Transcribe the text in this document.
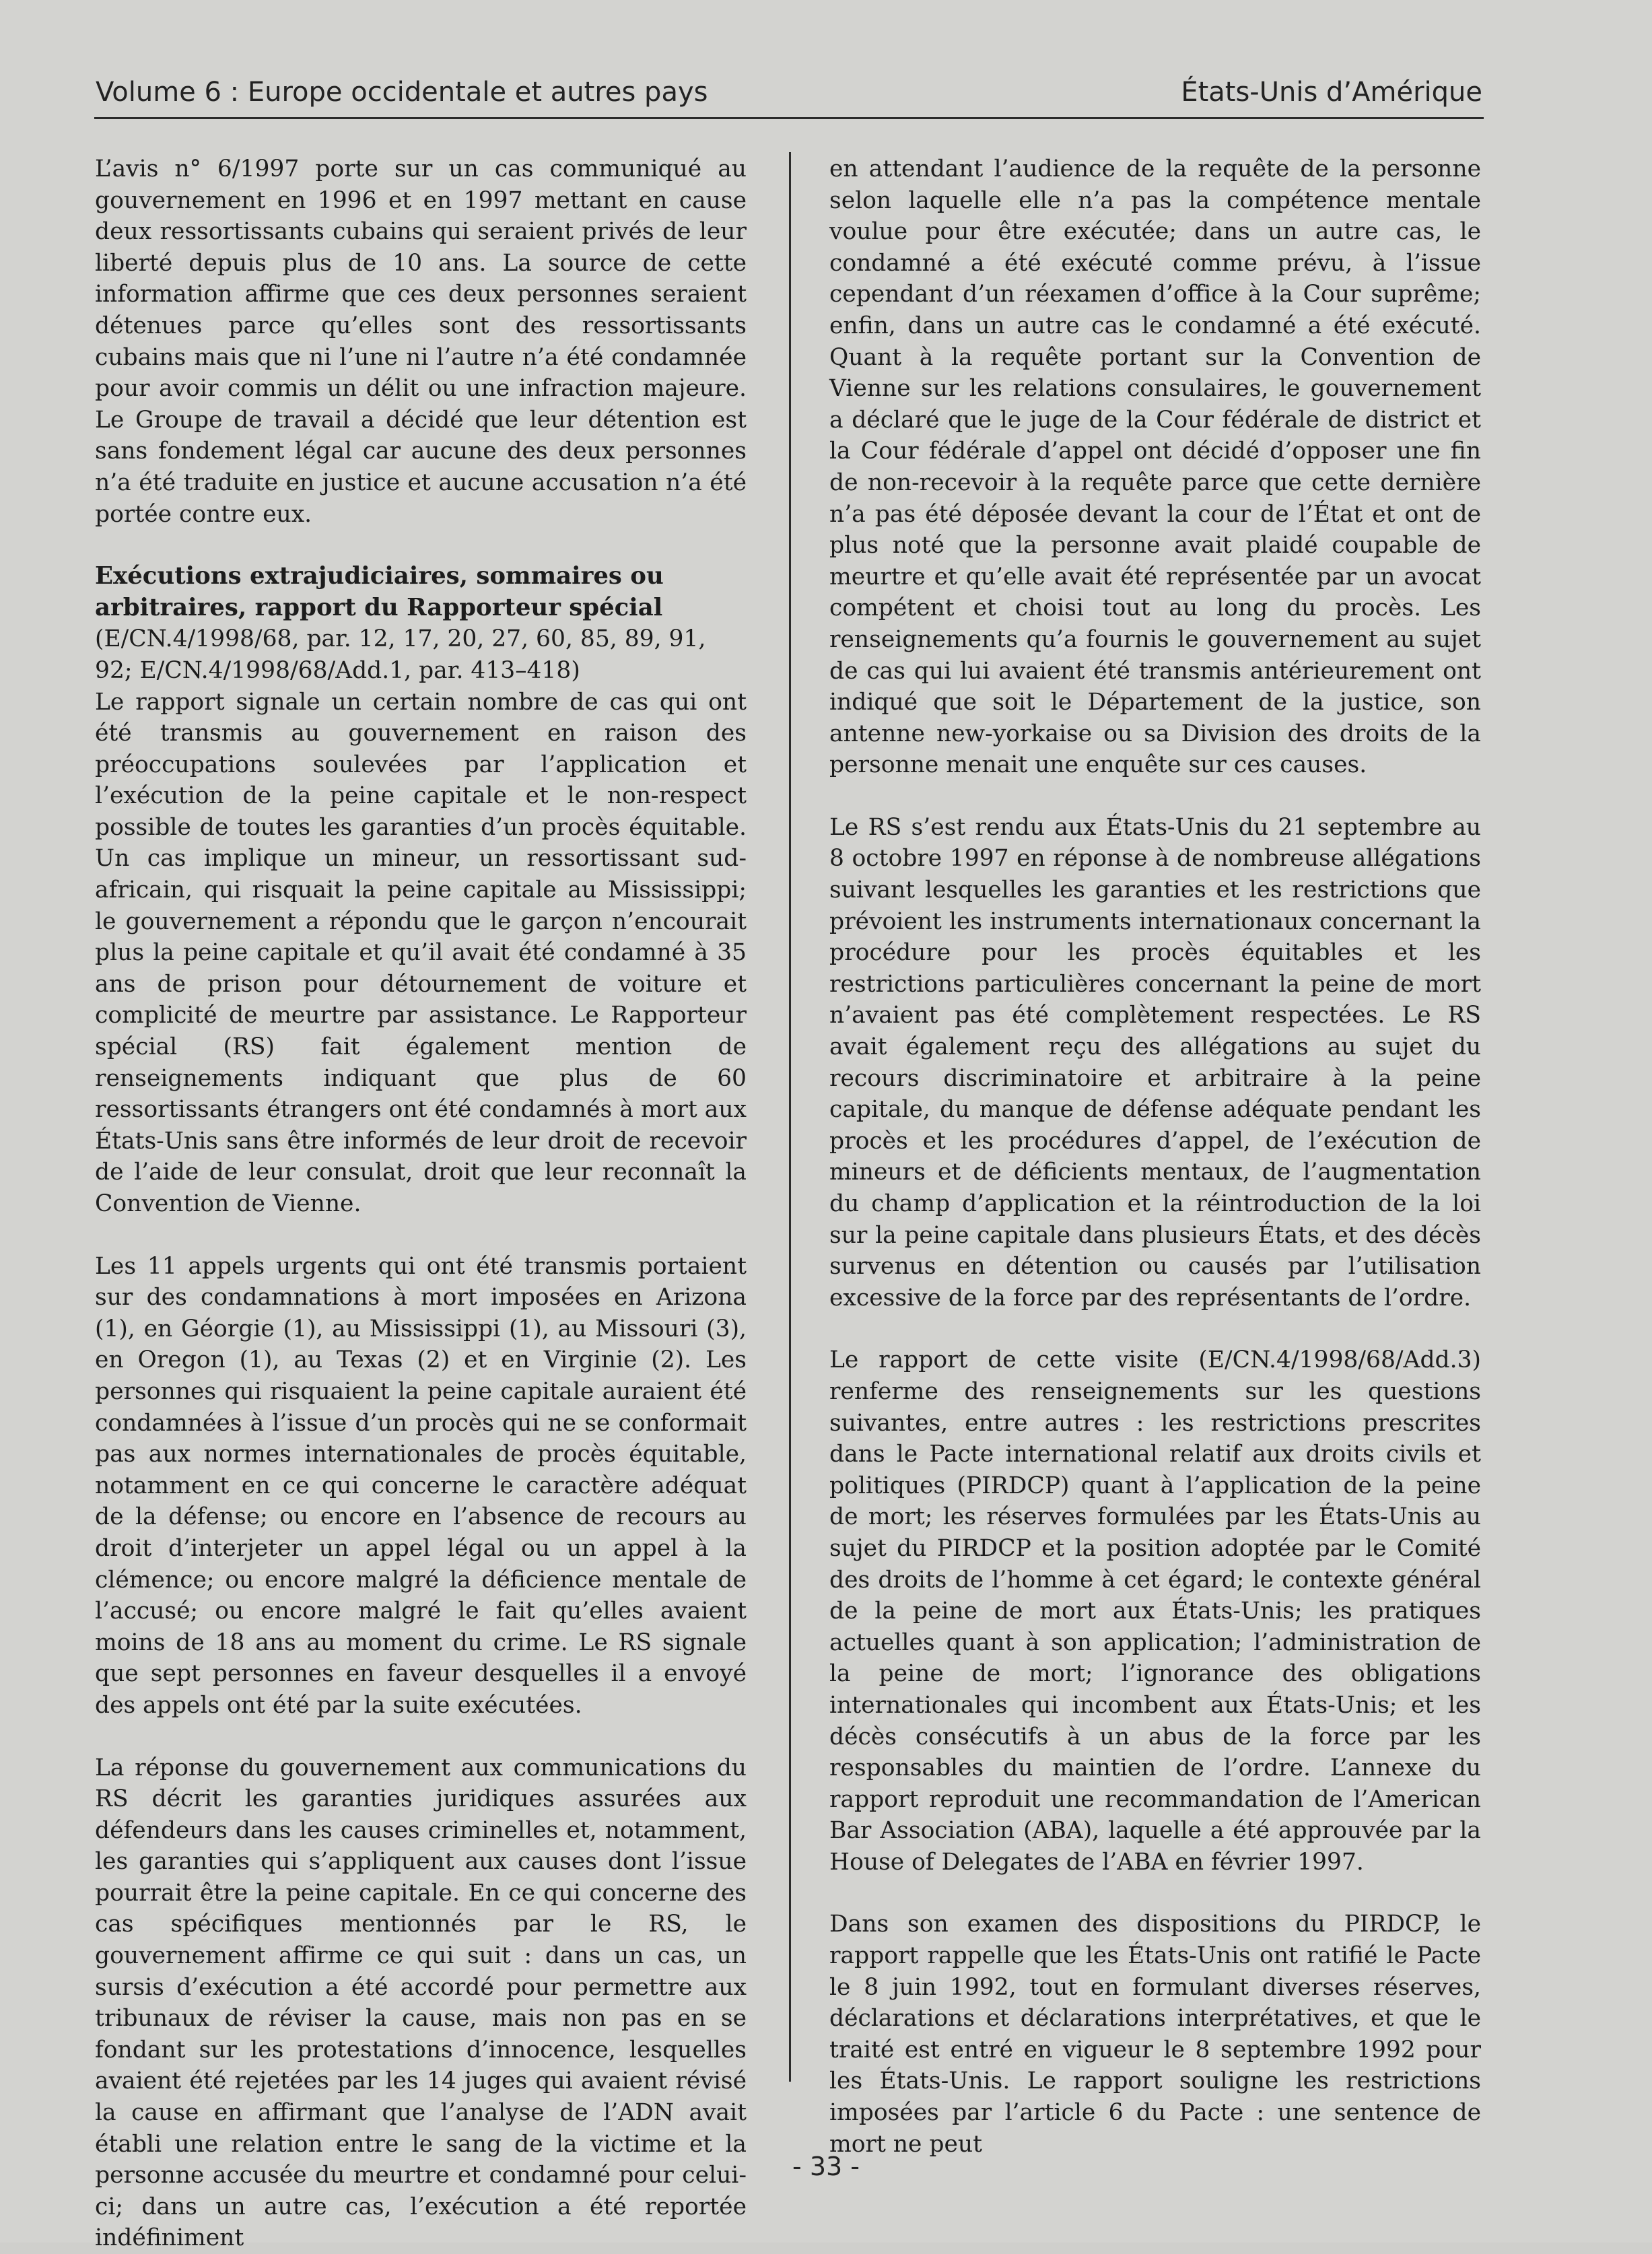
Volume 6 : Europe occidentale et autres pays	États-Unis d’Amérique

L’avis n° 6/1997 porte sur un cas communiqué au gouvernement en 1996 et en 1997 mettant en cause deux ressortissants cubains qui seraient privés de leur liberté depuis plus de 10 ans. La source de cette information affirme que ces deux personnes seraient détenues parce qu’elles sont des ressortissants cubains mais que ni l’une ni l’autre n’a été condamnée pour avoir commis un délit ou une infraction majeure. Le Groupe de travail a décidé que leur détention est sans fondement légal car aucune des deux personnes n’a été traduite en justice et aucune accusation n’a été portée contre eux.

Exécutions extrajudiciaires, sommaires ou arbitraires, rapport du Rapporteur spécial
(E/CN.4/1998/68, par. 12, 17, 20, 27, 60, 85, 89, 91, 92; E/CN.4/1998/68/Add.1, par. 413–418)

Le rapport signale un certain nombre de cas qui ont été transmis au gouvernement en raison des préoccupations soulevées par l’application et l’exécution de la peine capitale et le non-respect possible de toutes les garanties d’un procès équitable. Un cas implique un mineur, un ressortissant sud-africain, qui risquait la peine capitale au Mississippi; le gouvernement a répondu que le garçon n’encourait plus la peine capitale et qu’il avait été condamné à 35 ans de prison pour détournement de voiture et complicité de meurtre par assistance. Le Rapporteur spécial (RS) fait également mention de renseignements indiquant que plus de 60 ressortissants étrangers ont été condamnés à mort aux États-Unis sans être informés de leur droit de recevoir de l’aide de leur consulat, droit que leur reconnaît la Convention de Vienne.

Les 11 appels urgents qui ont été transmis portaient sur des condamnations à mort imposées en Arizona (1), en Géorgie (1), au Mississippi (1), au Missouri (3), en Oregon (1), au Texas (2) et en Virginie (2). Les personnes qui risquaient la peine capitale auraient été condamnées à l’issue d’un procès qui ne se conformait pas aux normes internationales de procès équitable, notamment en ce qui concerne le caractère adéquat de la défense; ou encore en l’absence de recours au droit d’interjeter un appel légal ou un appel à la clémence; ou encore malgré la déficience mentale de l’accusé; ou encore malgré le fait qu’elles avaient moins de 18 ans au moment du crime. Le RS signale que sept personnes en faveur desquelles il a envoyé des appels ont été par la suite exécutées.

La réponse du gouvernement aux communications du RS décrit les garanties juridiques assurées aux défendeurs dans les causes criminelles et, notamment, les garanties qui s’appliquent aux causes dont l’issue pourrait être la peine capitale. En ce qui concerne des cas spécifiques mentionnés par le RS, le gouvernement affirme ce qui suit : dans un cas, un sursis d’exécution a été accordé pour permettre aux tribunaux de réviser la cause, mais non pas en se fondant sur les protestations d’innocence, lesquelles avaient été rejetées par les 14 juges qui avaient révisé la cause en affirmant que l’analyse de l’ADN avait établi une relation entre le sang de la victime et la personne accusée du meurtre et condamné pour celui-ci; dans un autre cas, l’exécution a été reportée indéfiniment

en attendant l’audience de la requête de la personne selon laquelle elle n’a pas la compétence mentale voulue pour être exécutée; dans un autre cas, le condamné a été exécuté comme prévu, à l’issue cependant d’un réexamen d’office à la Cour suprême; enfin, dans un autre cas le condamné a été exécuté. Quant à la requête portant sur la Convention de Vienne sur les relations consulaires, le gouvernement a déclaré que le juge de la Cour fédérale de district et la Cour fédérale d’appel ont décidé d’opposer une fin de non-recevoir à la requête parce que cette dernière n’a pas été déposée devant la cour de l’État et ont de plus noté que la personne avait plaidé coupable de meurtre et qu’elle avait été représentée par un avocat compétent et choisi tout au long du procès. Les renseignements qu’a fournis le gouvernement au sujet de cas qui lui avaient été transmis antérieurement ont indiqué que soit le Département de la justice, son antenne new-yorkaise ou sa Division des droits de la personne menait une enquête sur ces causes.

Le RS s’est rendu aux États-Unis du 21 septembre au 8 octobre 1997 en réponse à de nombreuse allégations suivant lesquelles les garanties et les restrictions que prévoient les instruments internationaux concernant la procédure pour les procès équitables et les restrictions particulières concernant la peine de mort n’avaient pas été complètement respectées. Le RS avait également reçu des allégations au sujet du recours discriminatoire et arbitraire à la peine capitale, du manque de défense adéquate pendant les procès et les procédures d’appel, de l’exécution de mineurs et de déficients mentaux, de l’augmentation du champ d’application et la réintroduction de la loi sur la peine capitale dans plusieurs États, et des décès survenus en détention ou causés par l’utilisation excessive de la force par des représentants de l’ordre.

Le rapport de cette visite (E/CN.4/1998/68/Add.3) renferme des renseignements sur les questions suivantes, entre autres : les restrictions prescrites dans le Pacte international relatif aux droits civils et politiques (PIRDCP) quant à l’application de la peine de mort; les réserves formulées par les États-Unis au sujet du PIRDCP et la position adoptée par le Comité des droits de l’homme à cet égard; le contexte général de la peine de mort aux États-Unis; les pratiques actuelles quant à son application; l’administration de la peine de mort; l’ignorance des obligations internationales qui incombent aux États-Unis; et les décès consécutifs à un abus de la force par les responsables du maintien de l’ordre. L’annexe du rapport reproduit une recommandation de l’American Bar Association (ABA), laquelle a été approuvée par la House of Delegates de l’ABA en février 1997.

Dans son examen des dispositions du PIRDCP, le rapport rappelle que les États-Unis ont ratifié le Pacte le 8 juin 1992, tout en formulant diverses réserves, déclarations et déclarations interprétatives, et que le traité est entré en vigueur le 8 septembre 1992 pour les États-Unis. Le rapport souligne les restrictions imposées par l’article 6 du Pacte : une sentence de mort ne peut

- 33 -
